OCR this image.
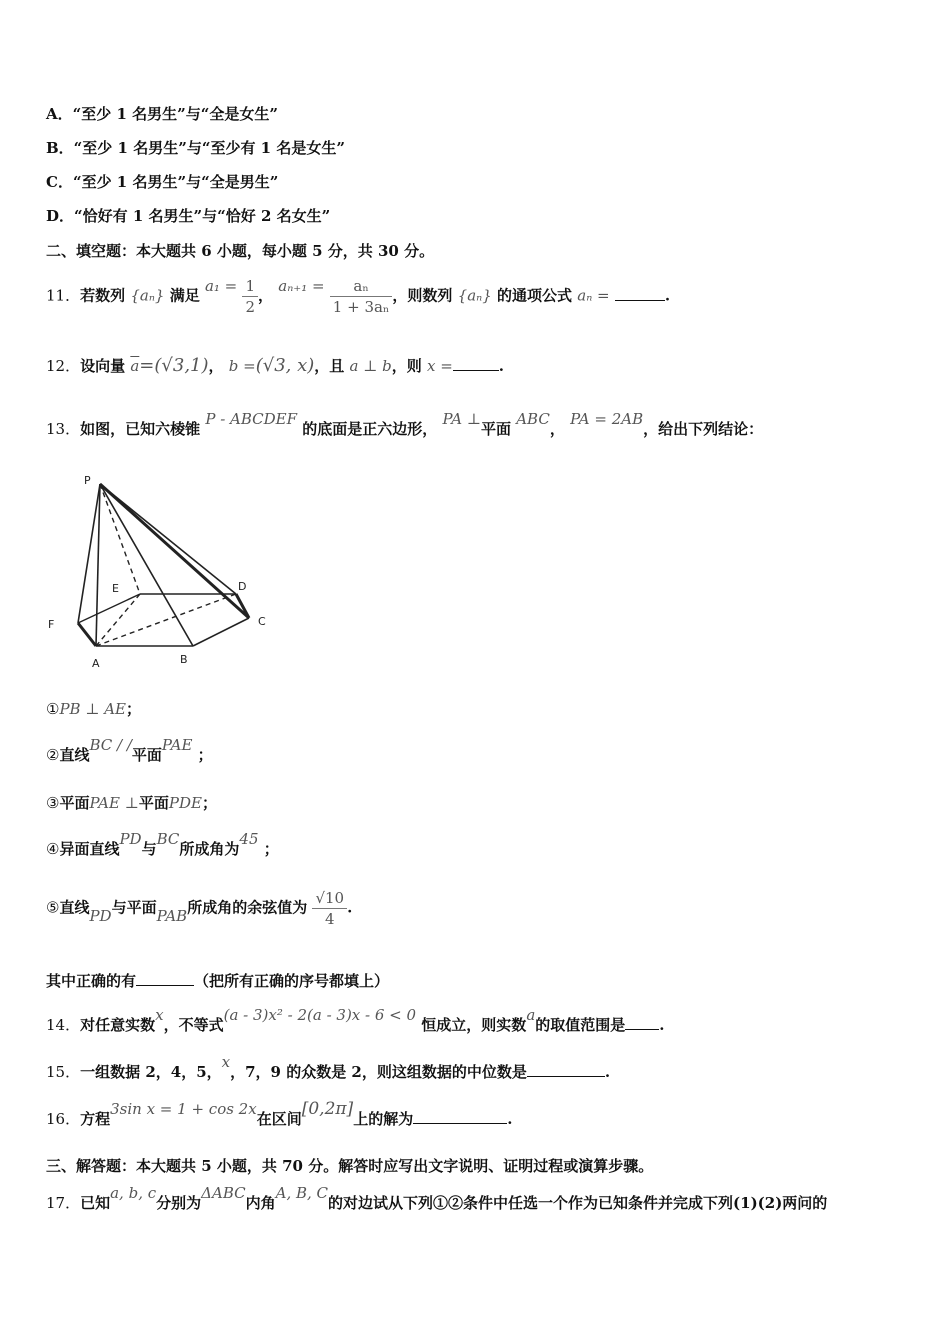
A．“至少 1 名男生”与“全是女生”
B．“至少 1 名男生”与“至少有 1 名是女生”
C．“至少 1 名男生”与“全是男生”
D．“恰好有 1 名男生”与“恰好 2 名女生”
二、填空题：本大题共 6 小题，每小题 5 分，共 30 分。
11．若数列 {aₙ} 满足 $a_1 = \frac{1}{2}$ ， $a_{n+1} = \frac{\text{aₙ}}{\text{1 + 3aₙ}}$ ，则数列 {aₙ} 的通项公式 aₙ =	.
12．设向量 $\overline{a}=(√3,1)$， b =(√3, x)，且 a ⊥ b，则 x =	.
13．如图，已知六棱锥 P - ABCDEF 的底面是正六边形， PA ⊥平面 ABC， PA = 2AB，给出下列结论：
P
E	D
F	C
A	B
①PB ⊥ AE；
②直线BC / /平面PAE ；
③平面PAE ⊥平面PDE；
④异面直线PD与BC所成角为45 ；
⑤直线PD与平面PAB所成角的余弦值为 $\frac{√10}{4}$ .
其中正确的有	（把所有正确的序号都填上）
14．对任意实数x，不等式(a - 3)x² - 2(a - 3)x - 6 < 0 恒成立，则实数a的取值范围是 .
15．一组数据 2，4，5，x，7，9 的众数是 2，则这组数据的中位数是	.
16．方程3sin x = 1 + cos 2x在区间[0,2π]上的解为	.
三、解答题：本大题共 5 小题，共 70 分。解答时应写出文字说明、证明过程或演算步骤。
17．已知a, b, c分别为ΔABC内角A, B, C的对边试从下列①②条件中任选一个作为已知条件并完成下列(1)(2)两问的
